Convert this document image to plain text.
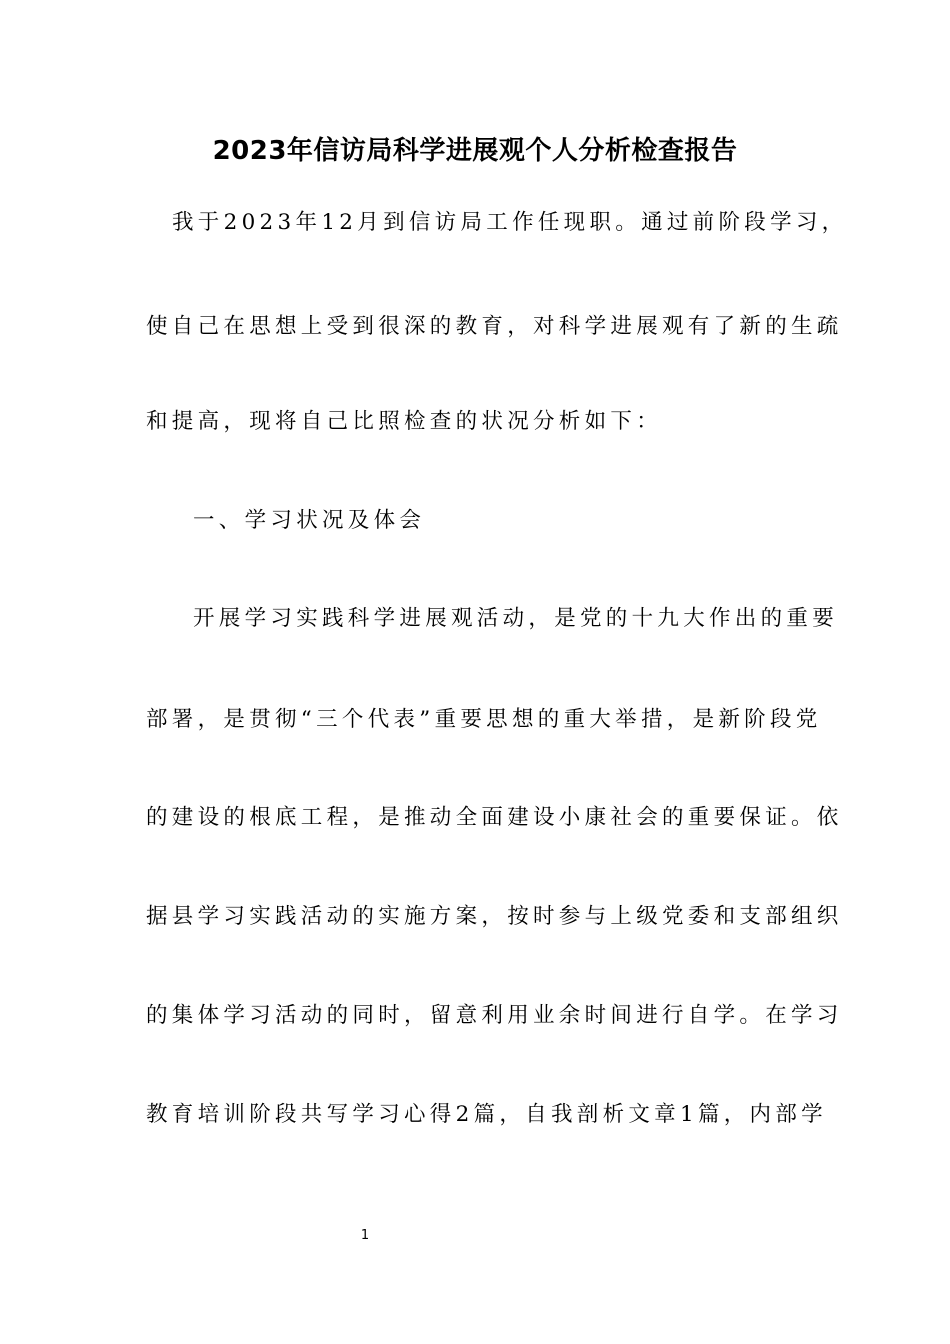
2023年信访局科学进展观个人分析检查报告
我于2023年12月到信访局工作任现职。通过前阶段学习，
使自己在思想上受到很深的教育，对科学进展观有了新的生疏
和提高，现将自己比照检查的状况分析如下：
一、学习状况及体会
开展学习实践科学进展观活动，是党的十九大作出的重要
部署，是贯彻“三个代表”重要思想的重大举措，是新阶段党
的建设的根底工程，是推动全面建设小康社会的重要保证。依
据县学习实践活动的实施方案，按时参与上级党委和支部组织
的集体学习活动的同时，留意利用业余时间进行自学。在学习
教育培训阶段共写学习心得2篇，自我剖析文章1篇，内部学
1
